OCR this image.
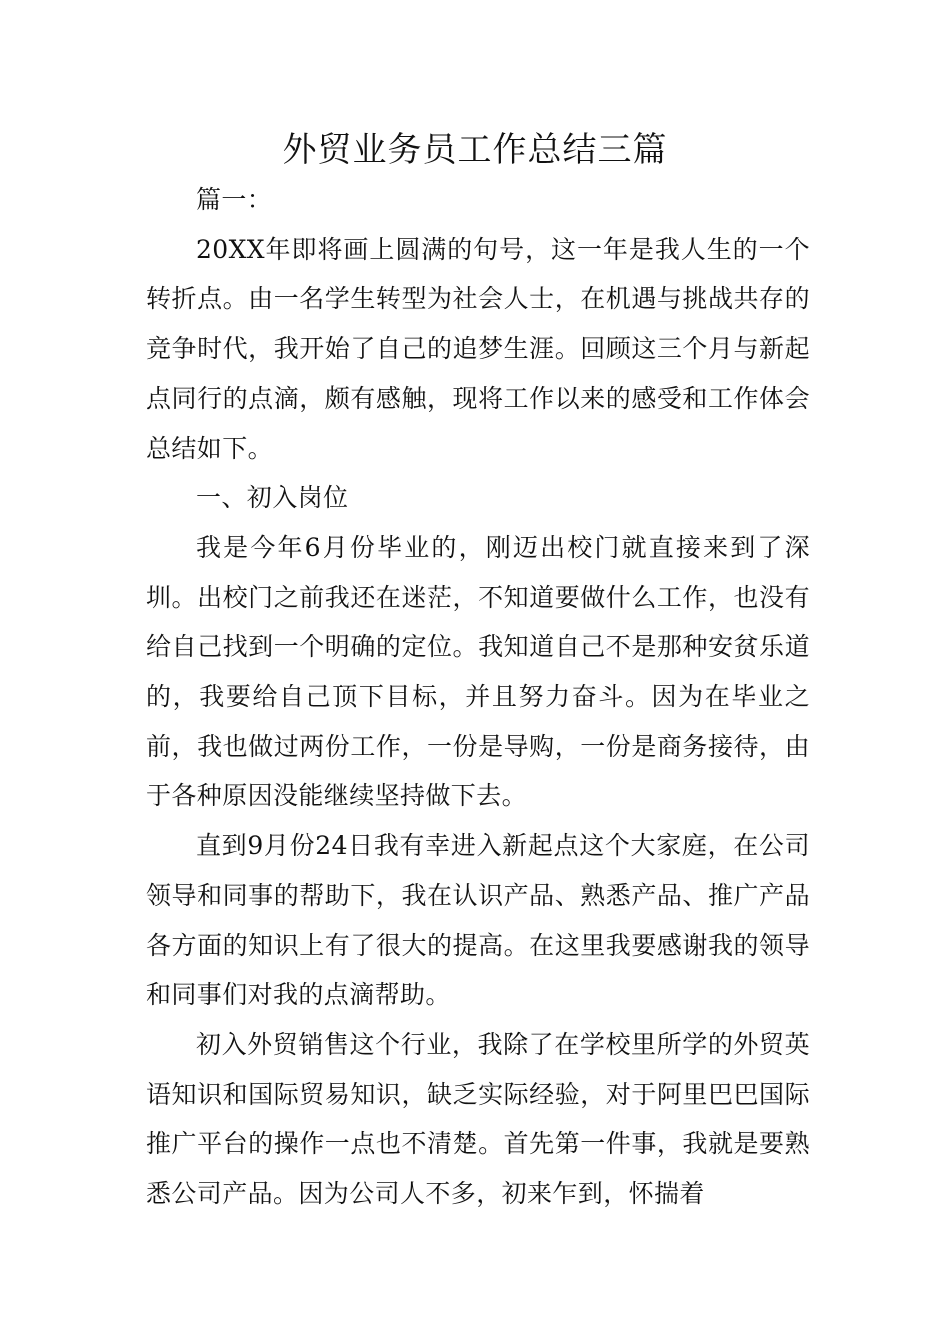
外贸业务员工作总结三篇

篇一：

20XX年即将画上圆满的句号，这一年是我人生的一个转折点。由一名学生转型为社会人士，在机遇与挑战共存的竞争时代，我开始了自己的追梦生涯。回顾这三个月与新起点同行的点滴，颇有感触，现将工作以来的感受和工作体会总结如下。

一、初入岗位

我是今年6月份毕业的，刚迈出校门就直接来到了深圳。出校门之前我还在迷茫，不知道要做什么工作，也没有给自己找到一个明确的定位。我知道自己不是那种安贫乐道的，我要给自己顶下目标，并且努力奋斗。因为在毕业之前，我也做过两份工作，一份是导购，一份是商务接待，由于各种原因没能继续坚持做下去。

直到9月份24日我有幸进入新起点这个大家庭，在公司领导和同事的帮助下，我在认识产品、熟悉产品、推广产品各方面的知识上有了很大的提高。在这里我要感谢我的领导和同事们对我的点滴帮助。

初入外贸销售这个行业，我除了在学校里所学的外贸英语知识和国际贸易知识，缺乏实际经验，对于阿里巴巴国际推广平台的操作一点也不清楚。首先第一件事，我就是要熟悉公司产品。因为公司人不多，初来乍到，怀揣着
